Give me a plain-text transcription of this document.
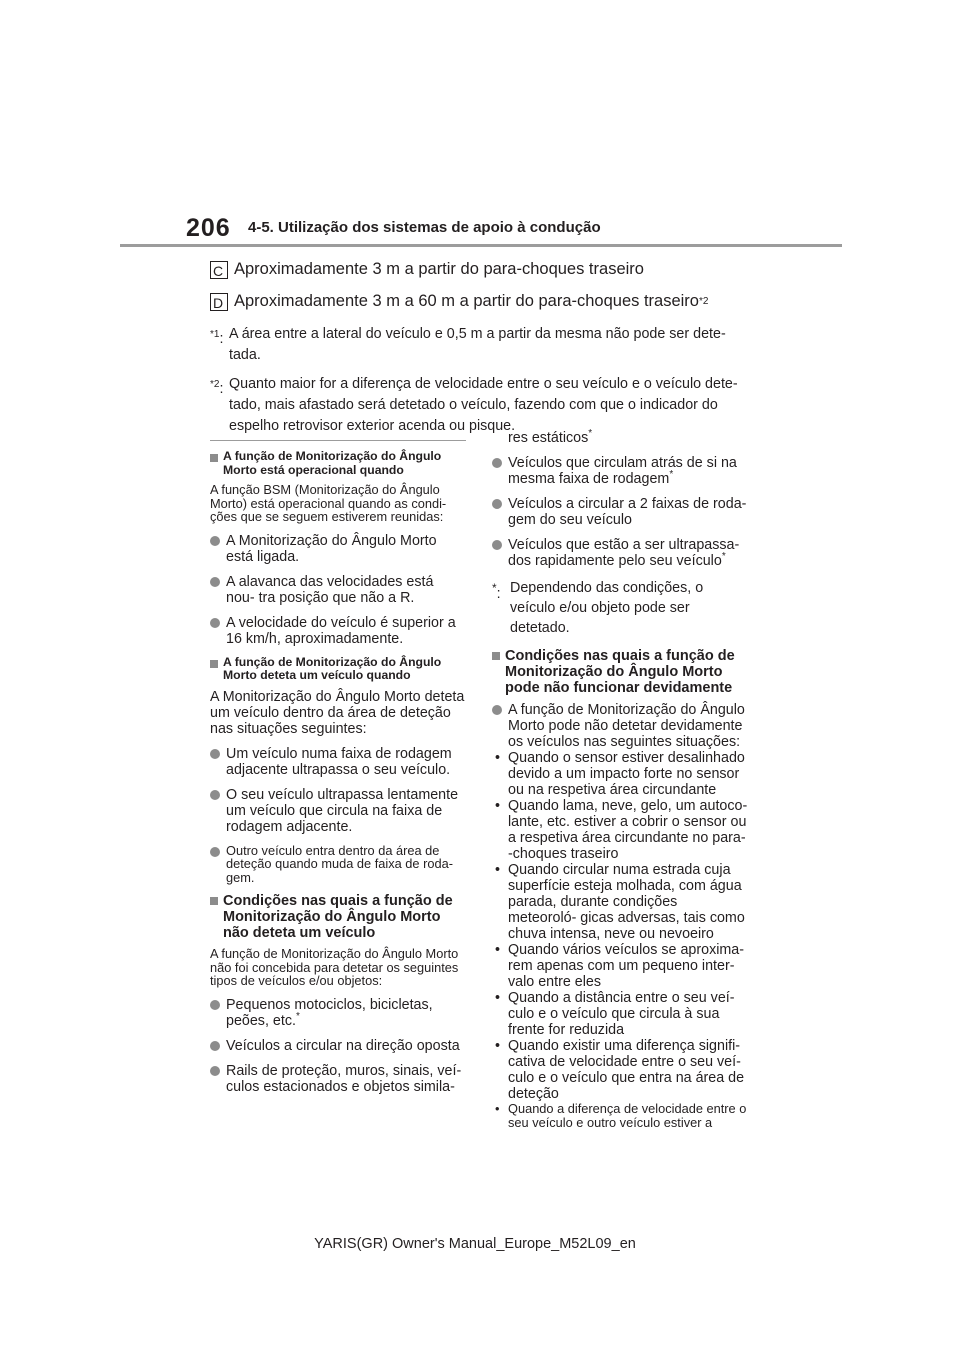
206 4-5. Utilização dos sistemas de apoio à condução
C Aproximadamente 3 m a partir do para-choques traseiro
D Aproximadamente 3 m a 60 m a partir do para-choques traseiro *2
$^{*1}$: A área entre a lateral do veículo e 0,5 m a partir da mesma não pode ser dete- tada.
$^{*2}$: Quanto maior for a diferença de velocidade entre o seu veículo e o veículo dete- tado, mais afastado será detetado o veículo, fazendo com que o indicador do espelho retrovisor exterior acenda ou pisque.
A função de Monitorização do Ângulo Morto está operacional quando
A função BSM (Monitorização do Ângulo Morto) está operacional quando as condi- ções que se seguem estiverem reunidas:
A Monitorização do Ângulo Morto está ligada.
A alavanca das velocidades está nou- tra posição que não a R.
A velocidade do veículo é superior a 16 km/h, aproximadamente.
A função de Monitorização do Ângulo Morto deteta um veículo quando
A Monitorização do Ângulo Morto deteta um veículo dentro da área de deteção nas situações seguintes:
Um veículo numa faixa de rodagem adjacente ultrapassa o seu veículo.
O seu veículo ultrapassa lentamente um veículo que circula na faixa de rodagem adjacente.
Outro veículo entra dentro da área de deteção quando muda de faixa de roda- gem.
Condições nas quais a função de Monitorização do Ângulo Morto não deteta um veículo
A função de Monitorização do Ângulo Morto não foi concebida para detetar os seguintes tipos de veículos e/ou objetos:
Pequenos motociclos, bicicletas, peões, etc.*
Veículos a circular na direção oposta
Rails de proteção, muros, sinais, veí- culos estacionados e objetos simila-
res estáticos*
Veículos que circulam atrás de si na mesma faixa de rodagem*
Veículos a circular a 2 faixas de roda- gem do seu veículo
Veículos que estão a ser ultrapassa- dos rapidamente pelo seu veículo*
*: Dependendo das condições, o veículo e/ou objeto pode ser detetado.
Condições nas quais a função de Monitorização do Ângulo Morto pode não funcionar devidamente
A função de Monitorização do Ângulo Morto pode não detetar devidamente os veículos nas seguintes situações:
• Quando o sensor estiver desalinhado devido a um impacto forte no sensor ou na respetiva área circundante
• Quando lama, neve, gelo, um autoco- lante, etc. estiver a cobrir o sensor ou a respetiva área circundante no para- -choques traseiro
• Quando circular numa estrada cuja superfície esteja molhada, com água parada, durante condições meteoroló- gicas adversas, tais como chuva intensa, neve ou nevoeiro
• Quando vários veículos se aproxima- rem apenas com um pequeno inter- valo entre eles
• Quando a distância entre o seu veí- culo e o veículo que circula à sua frente for reduzida
• Quando existir uma diferença signifi- cativa de velocidade entre o seu veí- culo e o veículo que entra na área de deteção
• Quando a diferença de velocidade entre o seu veículo e outro veículo estiver a
YARIS(GR) Owner's Manual_Europe_M52L09_en
